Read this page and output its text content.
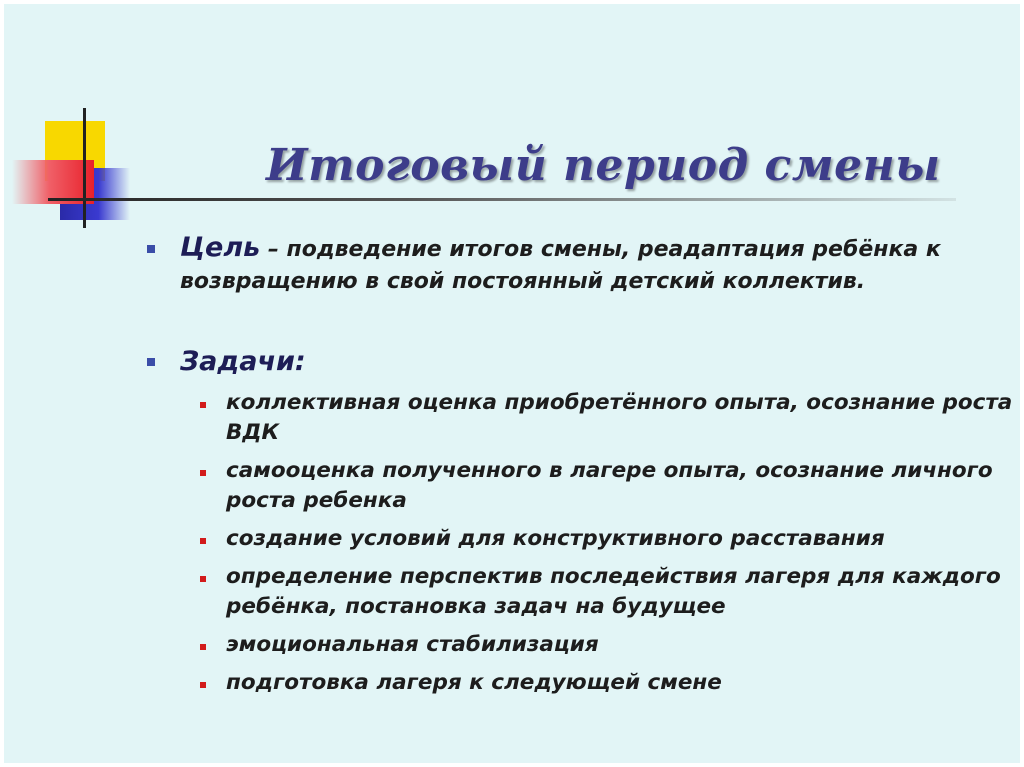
Итоговый период смены
Цель – подведение итогов смены, реадаптация ребёнка к возвращению в свой постоянный детский коллектив.
Задачи:
коллективная оценка приобретённого опыта, осознание роста ВДК
самооценка полученного в лагере опыта, осознание личного роста ребенка
создание условий для конструктивного расставания
определение перспектив последействия лагеря для каждого ребёнка, постановка задач на будущее
эмоциональная стабилизация
подготовка лагеря к следующей смене
